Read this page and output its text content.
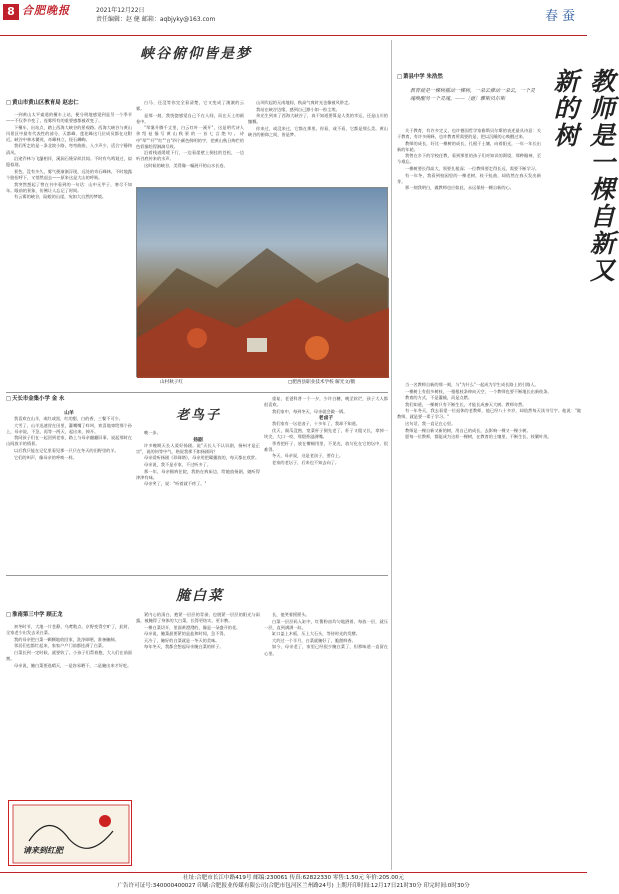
8 合肥晚报	2021年12月22日
责任编辑：赵 健 邮箱：aqbjyky@163.com	春蚕
峡谷俯仰皆是梦
□ 黄山市黄山区教育局 赵忠仁

一到黄山太平索道的檀车上站，便分明地感觉到是另一个季节——不仅季节变了，连雾所有的重要感都被改变了。

下檀车，出站点，踏上西海大峡谷的景观路。西海大峡谷与黄山风景区中最有代表性的部分，天都峰、莲花峰这几位成员都在这附近。峡谷中林木繁茂，奇峰林立，怪石嶙峋。

我们所走的是一条北坡小路，弯弯曲曲，人少声少，适合宁静和清风。

沿途乔林与飞瀑相伴，溪涧石缝穿织其间。不时有鸟鸣划过，似隐似现。

景色，没有多久，雾气便渐渐浮现，远处的奇石峰林，不时地露个脸招呼下，又悄然退去——原来这是大山的呼吸。

我突然想起了曾在书中看到的一句话：山中无甲子，寒尽不知年。眼前的景象，仿佛让人忘记了时间。

有云雾的峡谷，险峻的山崖，宛如大自然的梦境。

白马、还没等你完全看清楚，它又变成了滚滚的云雾。

是那一刻，我恍惚感觉自己不在人间，而在天上的画卷中。

"翠霭升腾千丈里，白云红叶一溪开"，这是明代诗人余绍祉描写黄山秋景的一首七言绝句。诗中"翠""升""红""白"四个颜色鲜明的字，把黄山秋日绚烂的色彩描绘得淋漓尽致。

沿着栈道缓缓下行，一边看崖壁上倒挂的苍松，一边听谷底传来的水声。

这时候的峡谷，美得像一幅展开的山水长卷。

山风吹起的无南地间，秋高气爽时光也像被风带走。

我站在峡谷边缘，感到自己渺小如一粒尘埃。

余光生到来了西海大峡谷了，真不知道要算是人类的幸运，还是山川的慷慨。

你来过，或没来过，它都在那里。你看，或不看，它都是那么美。黄山峡谷的俯仰之间，皆是梦。

山村秋子红	□肥西县职业技术学校 解光文/摄
老鸟子
□ 天长市金集小学 金 永
山羊

我喜欢在山羊，或红或黑，红的甜，白的香，三餐不可少。

大雪了，山羊迅速冒在田里，灌嘴嘴了咩叫，欢喜地寄给那个孙上，母亲说，不急，再等一两天，起出来，掉开。

我同孩子们在一起回到老家，路上与母亲翻翻旧事，说起那时在山间放羊的情景。

以后我只能在记忆里看见那一只只在冬天的田野里的羊。

它们的叫声，像母亲的呼唤一样。

晚一步。

扬剧

许多晚期天长人爱好扬剧。说"天长人不认识剧，扬州才是正宗"，说的何等中气，格说我那不如扬剧吗？

母亲爱听扬剧《珍珠塔》，母亲用把碟播放的，每天都在欣赏。

母亲说，我不是专家，不过听多了。

那一年，母亲腿病住院，我陪在病床边，给她放扬剧，她听得津津有味。

母亲笑了，说："听着就不疼了。"

重复，老爸科普一个一夕，少许白糖，晚至软烂，孩子大人都很喜欢。

我们家中，每到冬天，母亲就会做一锅。

老卤子

我们家有一坛老卤子，十多年了，我却不知道。

伏天，阁瓜没熟，宽菜杆子倒先老了，秆子又粗又长，拿掉一块尖，大口一咬，那甜香溢满嘴。

季秀把秆子，放在槽桶用里，不见光，放匀化在它的坛中，很难得。

冬天，母亲说，这是老卤子，要存上。

老家的老坛子，后来也不知去向了。

腌白菜
□ 淮南第三中学 顾正龙

初冬时节，大地一片苍静，乌鸢数点，京野变得空旷了，此时，全家老少出发去采白菜。

我的母亲把白菜一颗颗地收回家，洗净晾晒，准备腌制。

邻居们也都忙起来，家家户户门前都挂满了白菜。

白菜长到一定时候，就要收了。小孩子们帮着抱，大人们在前面割。

母亲说，腌白菜要选晴天，一是容易晒干，二是腌出来才好吃。

紧内心的清白，抱紧一层层的青褂，也脱紧一层层的阳光与雨露，被腌得了身体的大白菜，长得更结实，更丰腴。

一棵白菜切开，里面黄澄澄的，像是一朵盛开的花。

母亲说，腌菜最要紧的是盐和时间，急不得。

天冷了，腌好的白菜就是一冬天的美味。

每年冬天，我都会想起母亲腌白菜的样子。

长，他笑着摇摇头。

白菜一层层码入缸中，红薯粉卤均匀地洒着，每放一层，就压一层，直到满满一缸。

缸口盖上木板，压上大石头，等待时光的发酵。

大约过一个半月，白菜就腌好了，脆甜鲜香。

如今，母亲老了，家里已经很少腌白菜了，但那味道一直留在心里。

请来到红肥
□ 萧县中学 朱浩然
教育就是一棵树摇动一棵树，一朵云推动一朵云，一个灵魂唤醒另一个灵魂。——〔德〕雅斯贝尔斯	教师是一棵自新又新的树

关于教育，有许多定义，也许德国哲学家雅斯贝尔斯的表述最具诗意：关于教育，有许多阐释，也许教育所需要的是，把以沉睡的心唤醒过来。

教师的成长，好比一棵树的成长，扎根于土壤，向着阳光，一年一年长出新的年轮。

我曾在乡下的学校任教，看到那里的孩子们对知识的渴望，那种眼神，至今难忘。

一棵树要长得高大，须要扎根深；一位教师要走得长远，需要不断学习。

有一年冬，我看到校园里的一棵老树，枝干虬曲，却依然在春天发出新芽。

那一刻我明白，做教师也应如此，永远保持一颗自新的心。

当一名教师自新的那一刻，与"为什么"一起成为学生成长路上的引路人。

一棵树上有很多树枝，一根根枝条伸向天空，一个教师也要不断地长出新枝条。

教育的方式，不是灌输，而是点燃。

我们知道，一棵树只有不断生长，才能长成参天大树。教师亦然。

有一年冬天，我去看望一位退休的老教师，他已经八十多岁，却依然每天读书写字。他说："做教师，就是要一辈子学习。"

这句话，我一直记在心里。

教师是一棵自新又新的树，用自己的成长，去影响一棵又一棵小树。

愿每一位教师，都能成为这样一棵树，在教育的土壤里，不断生长，枝繁叶茂。

社址:合肥市长江中路419号 邮编:230061 传真:62822330 零售:1.50元 年价:205.00元
广告许可证号:340000400027 印刷:合肥报业传媒有限公司(合肥市包河区兰州路24号) 上期开印时间:12月17日21时30分 印完时间:0时30分
